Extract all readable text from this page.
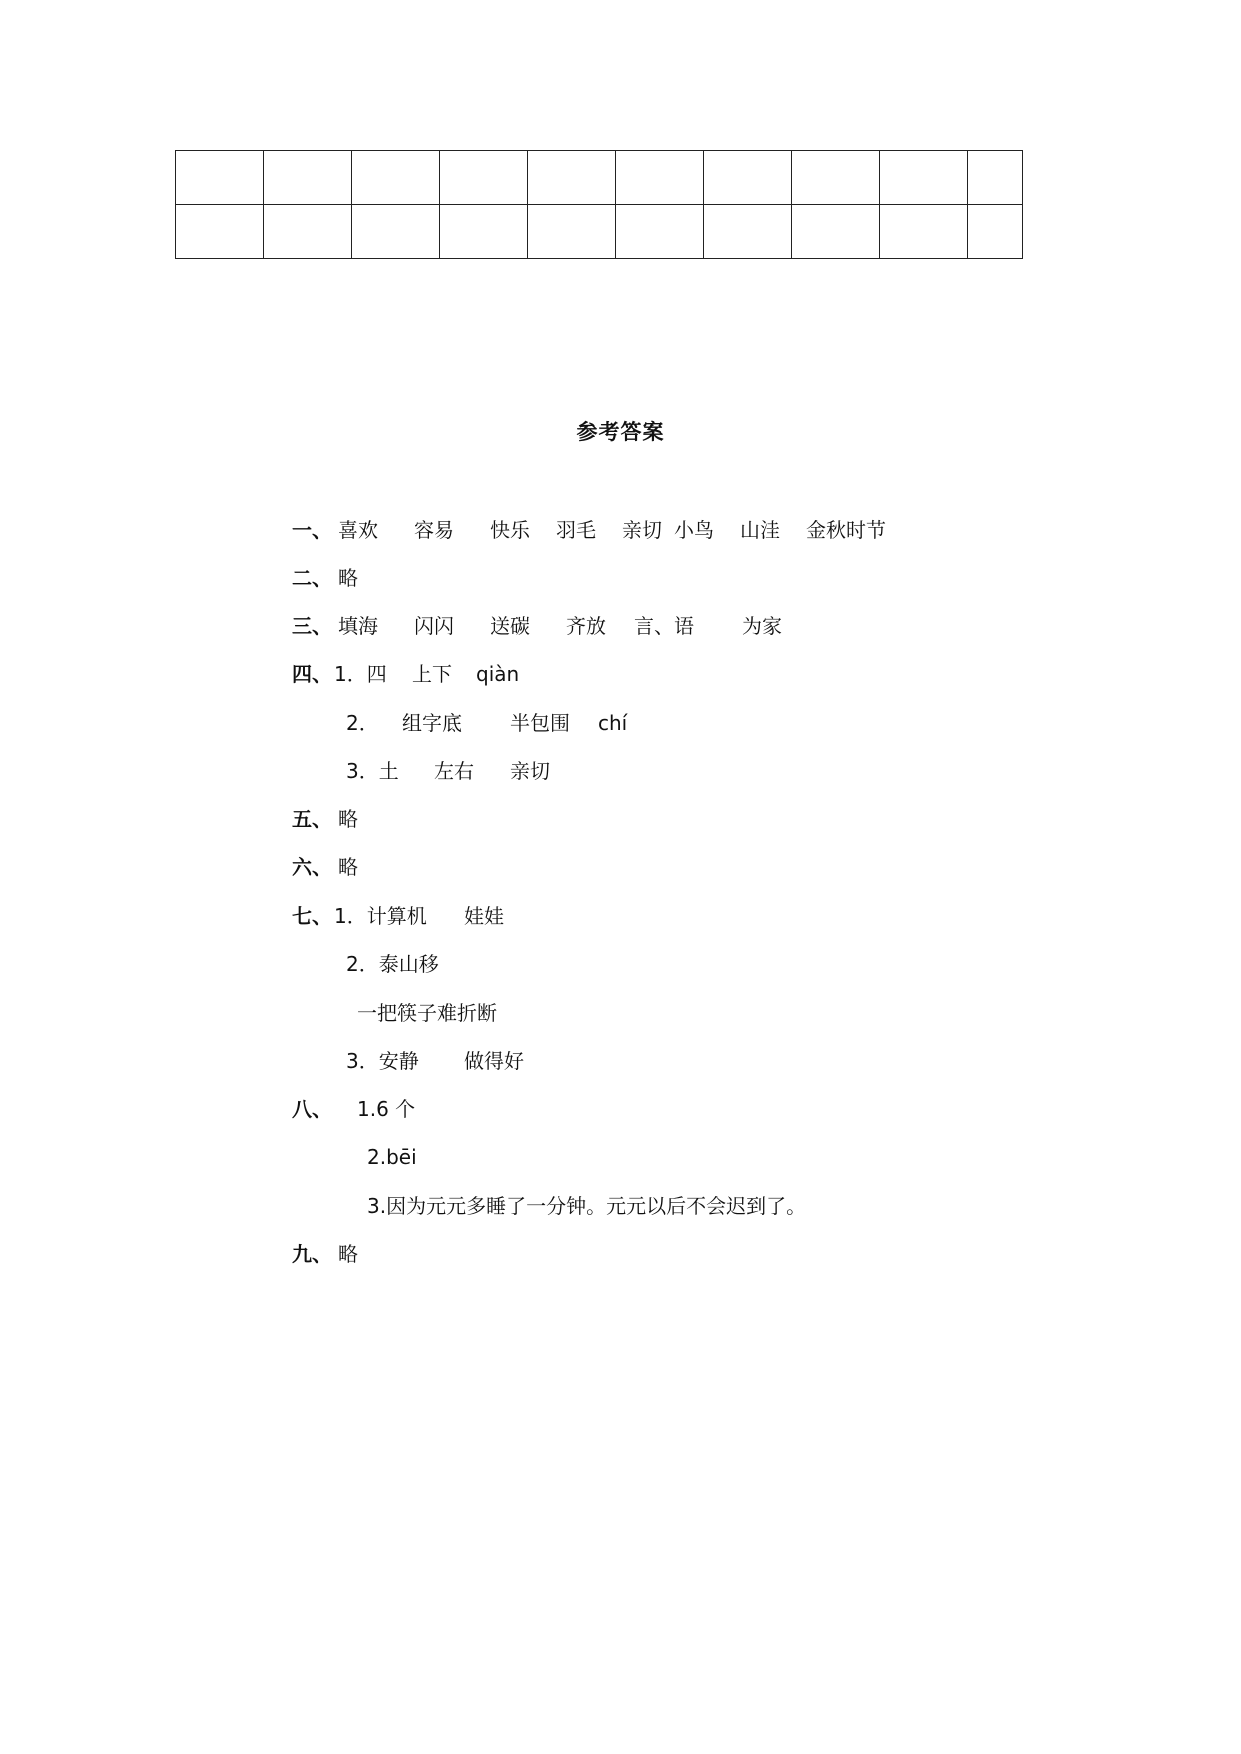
参考答案
一、 喜欢 容易 快乐 羽毛 亲切 小鸟 山洼 金秋时节
二、 略
三、 填海 闪闪 送碳 齐放 言、语 为家
四、 1．四 上下 qiàn
2． 组字底 半包围 chí
3．土 左右 亲切
五、 略
六、 略
七、 1．计算机 娃娃
2．泰山移
一把筷子难折断
3．安静 做得好
八、 1.6 个
2.bēi
3.因为元元多睡了一分钟。元元以后不会迟到了。
九、 略
